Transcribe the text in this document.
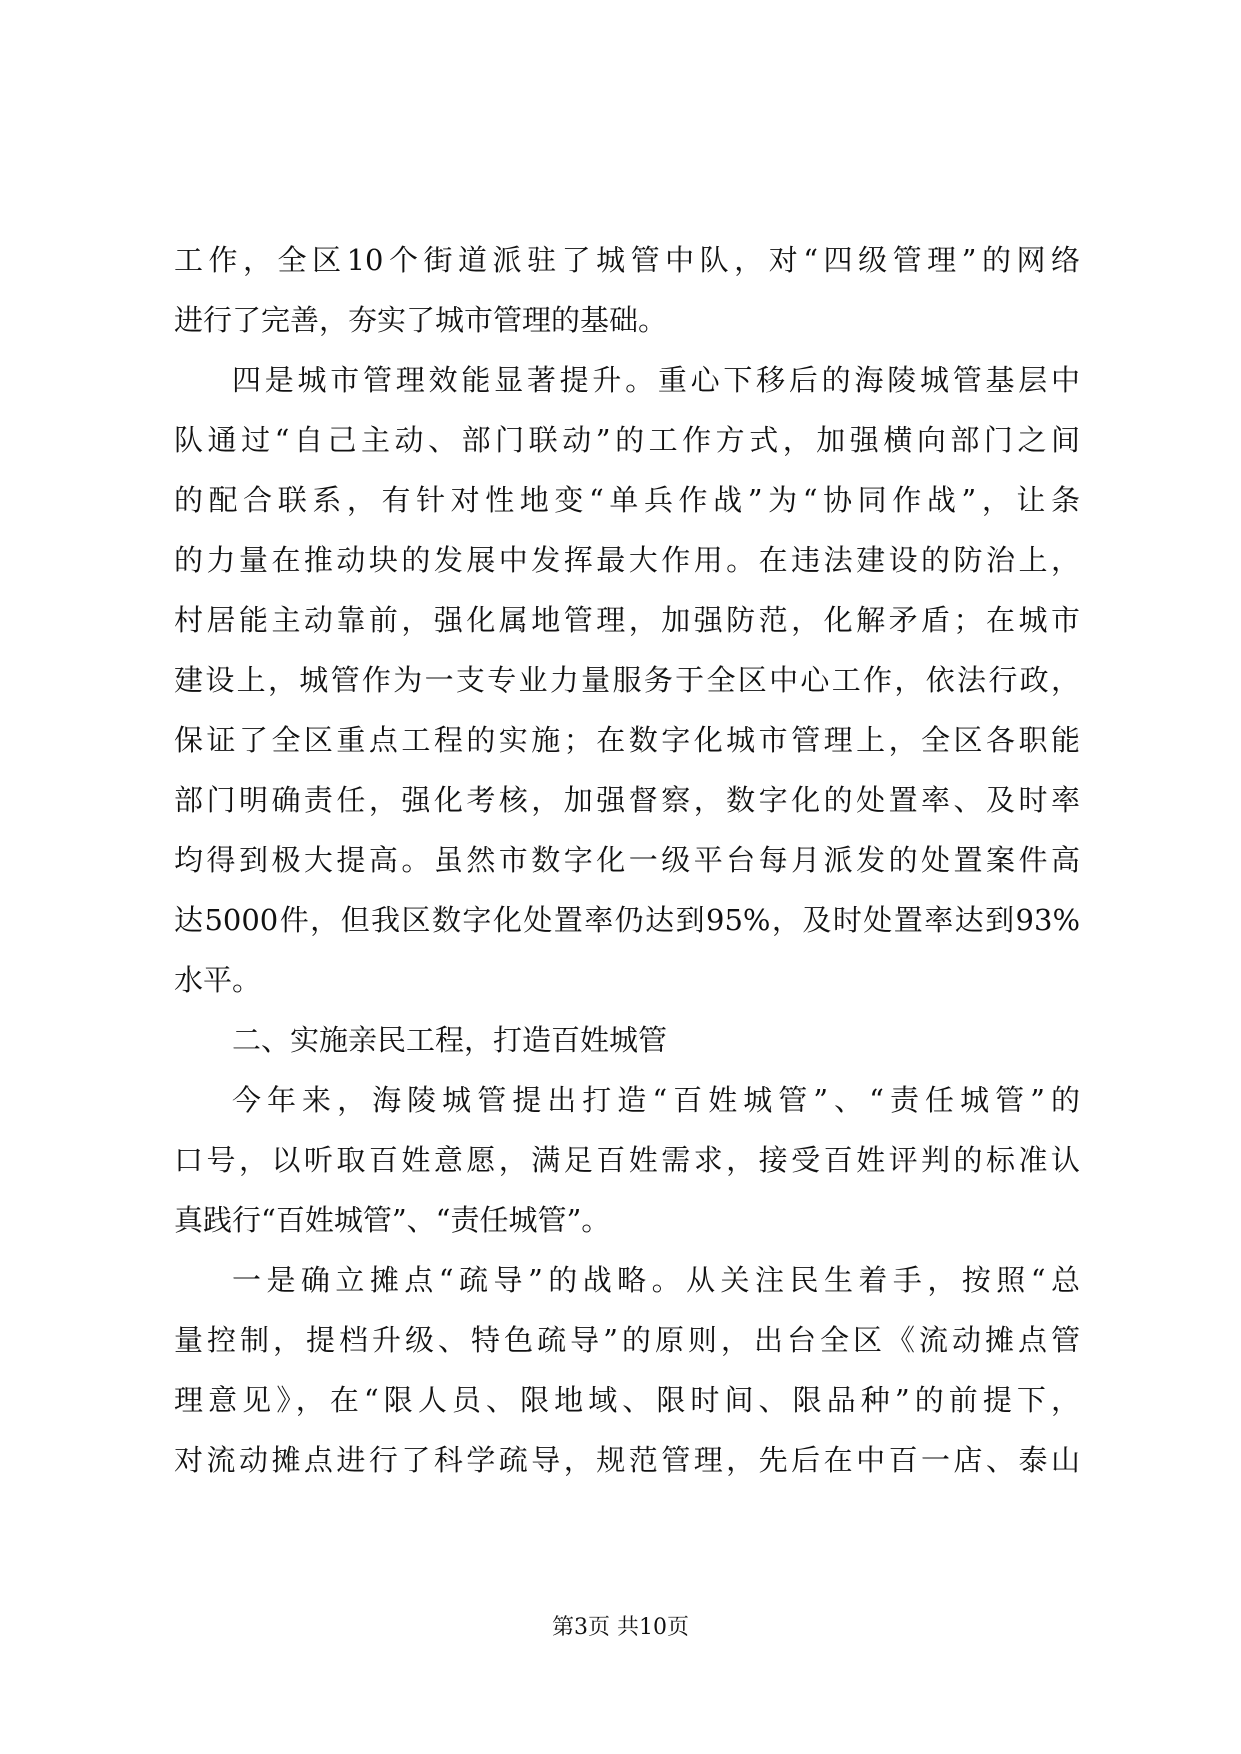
工作，全区10个街道派驻了城管中队，对“四级管理”的网络
进行了完善，夯实了城市管理的基础。
四是城市管理效能显著提升。重心下移后的海陵城管基层中
队通过“自己主动、部门联动”的工作方式，加强横向部门之间
的配合联系，有针对性地变“单兵作战”为“协同作战”，让条
的力量在推动块的发展中发挥最大作用。在违法建设的防治上，
村居能主动靠前，强化属地管理，加强防范，化解矛盾；在城市
建设上，城管作为一支专业力量服务于全区中心工作，依法行政，
保证了全区重点工程的实施；在数字化城市管理上，全区各职能
部门明确责任，强化考核，加强督察，数字化的处置率、及时率
均得到极大提高。虽然市数字化一级平台每月派发的处置案件高
达5000件，但我区数字化处置率仍达到95%，及时处置率达到93%
水平。
二、实施亲民工程，打造百姓城管
今年来，海陵城管提出打造“百姓城管”、“责任城管”的
口号，以听取百姓意愿，满足百姓需求，接受百姓评判的标准认
真践行“百姓城管”、“责任城管”。
一是确立摊点“疏导”的战略。从关注民生着手，按照“总
量控制，提档升级、特色疏导”的原则，出台全区《流动摊点管
理意见》，在“限人员、限地域、限时间、限品种”的前提下，
对流动摊点进行了科学疏导，规范管理，先后在中百一店、泰山
第3页 共10页
